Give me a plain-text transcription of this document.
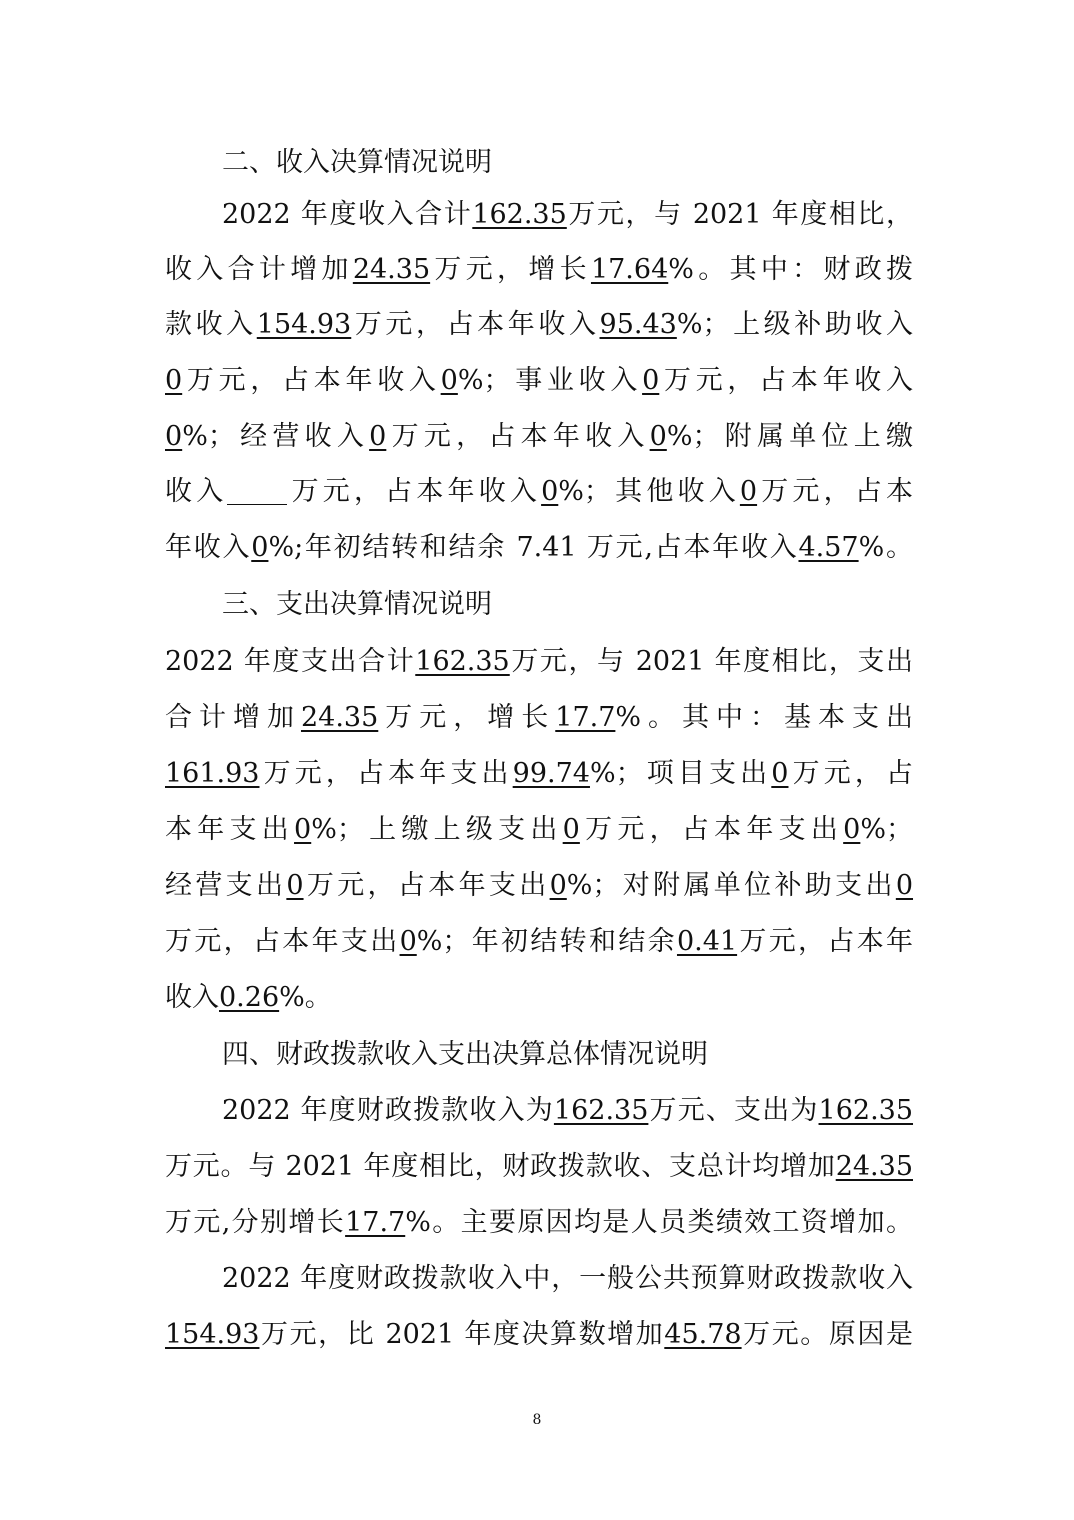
二、收入决算情况说明
2022 年度收入合计162.35万元，与 2021 年度相比，
收入合计增加24.35万元，增长17.64%。其中：财政拨
款收入154.93万元，占本年收入95.43%；上级补助收入
0万元，占本年收入0%；事业收入0万元，占本年收入
0%；经营收入0万元，占本年收入0%；附属单位上缴
收入 万元，占本年收入0%；其他收入0万元，占本
年收入0%;年初结转和结余 7.41 万元,占本年收入4.57%。
三、支出决算情况说明
2022 年度支出合计162.35万元，与 2021 年度相比，支出
合计增加24.35万元，增长17.7%。其中：基本支出
161.93万元，占本年支出99.74%；项目支出0万元，占
本年支出0%；上缴上级支出0万元，占本年支出0%；
经营支出0万元，占本年支出0%；对附属单位补助支出0
万元，占本年支出0%；年初结转和结余0.41万元，占本年
收入0.26%。
四、财政拨款收入支出决算总体情况说明
2022 年度财政拨款收入为162.35万元、支出为162.35
万元。与 2021 年度相比，财政拨款收、支总计均增加24.35
万元,分别增长17.7%。主要原因均是人员类绩效工资增加。
2022 年度财政拨款收入中，一般公共预算财政拨款收入
154.93万元，比 2021 年度决算数增加45.78万元。原因是
8
